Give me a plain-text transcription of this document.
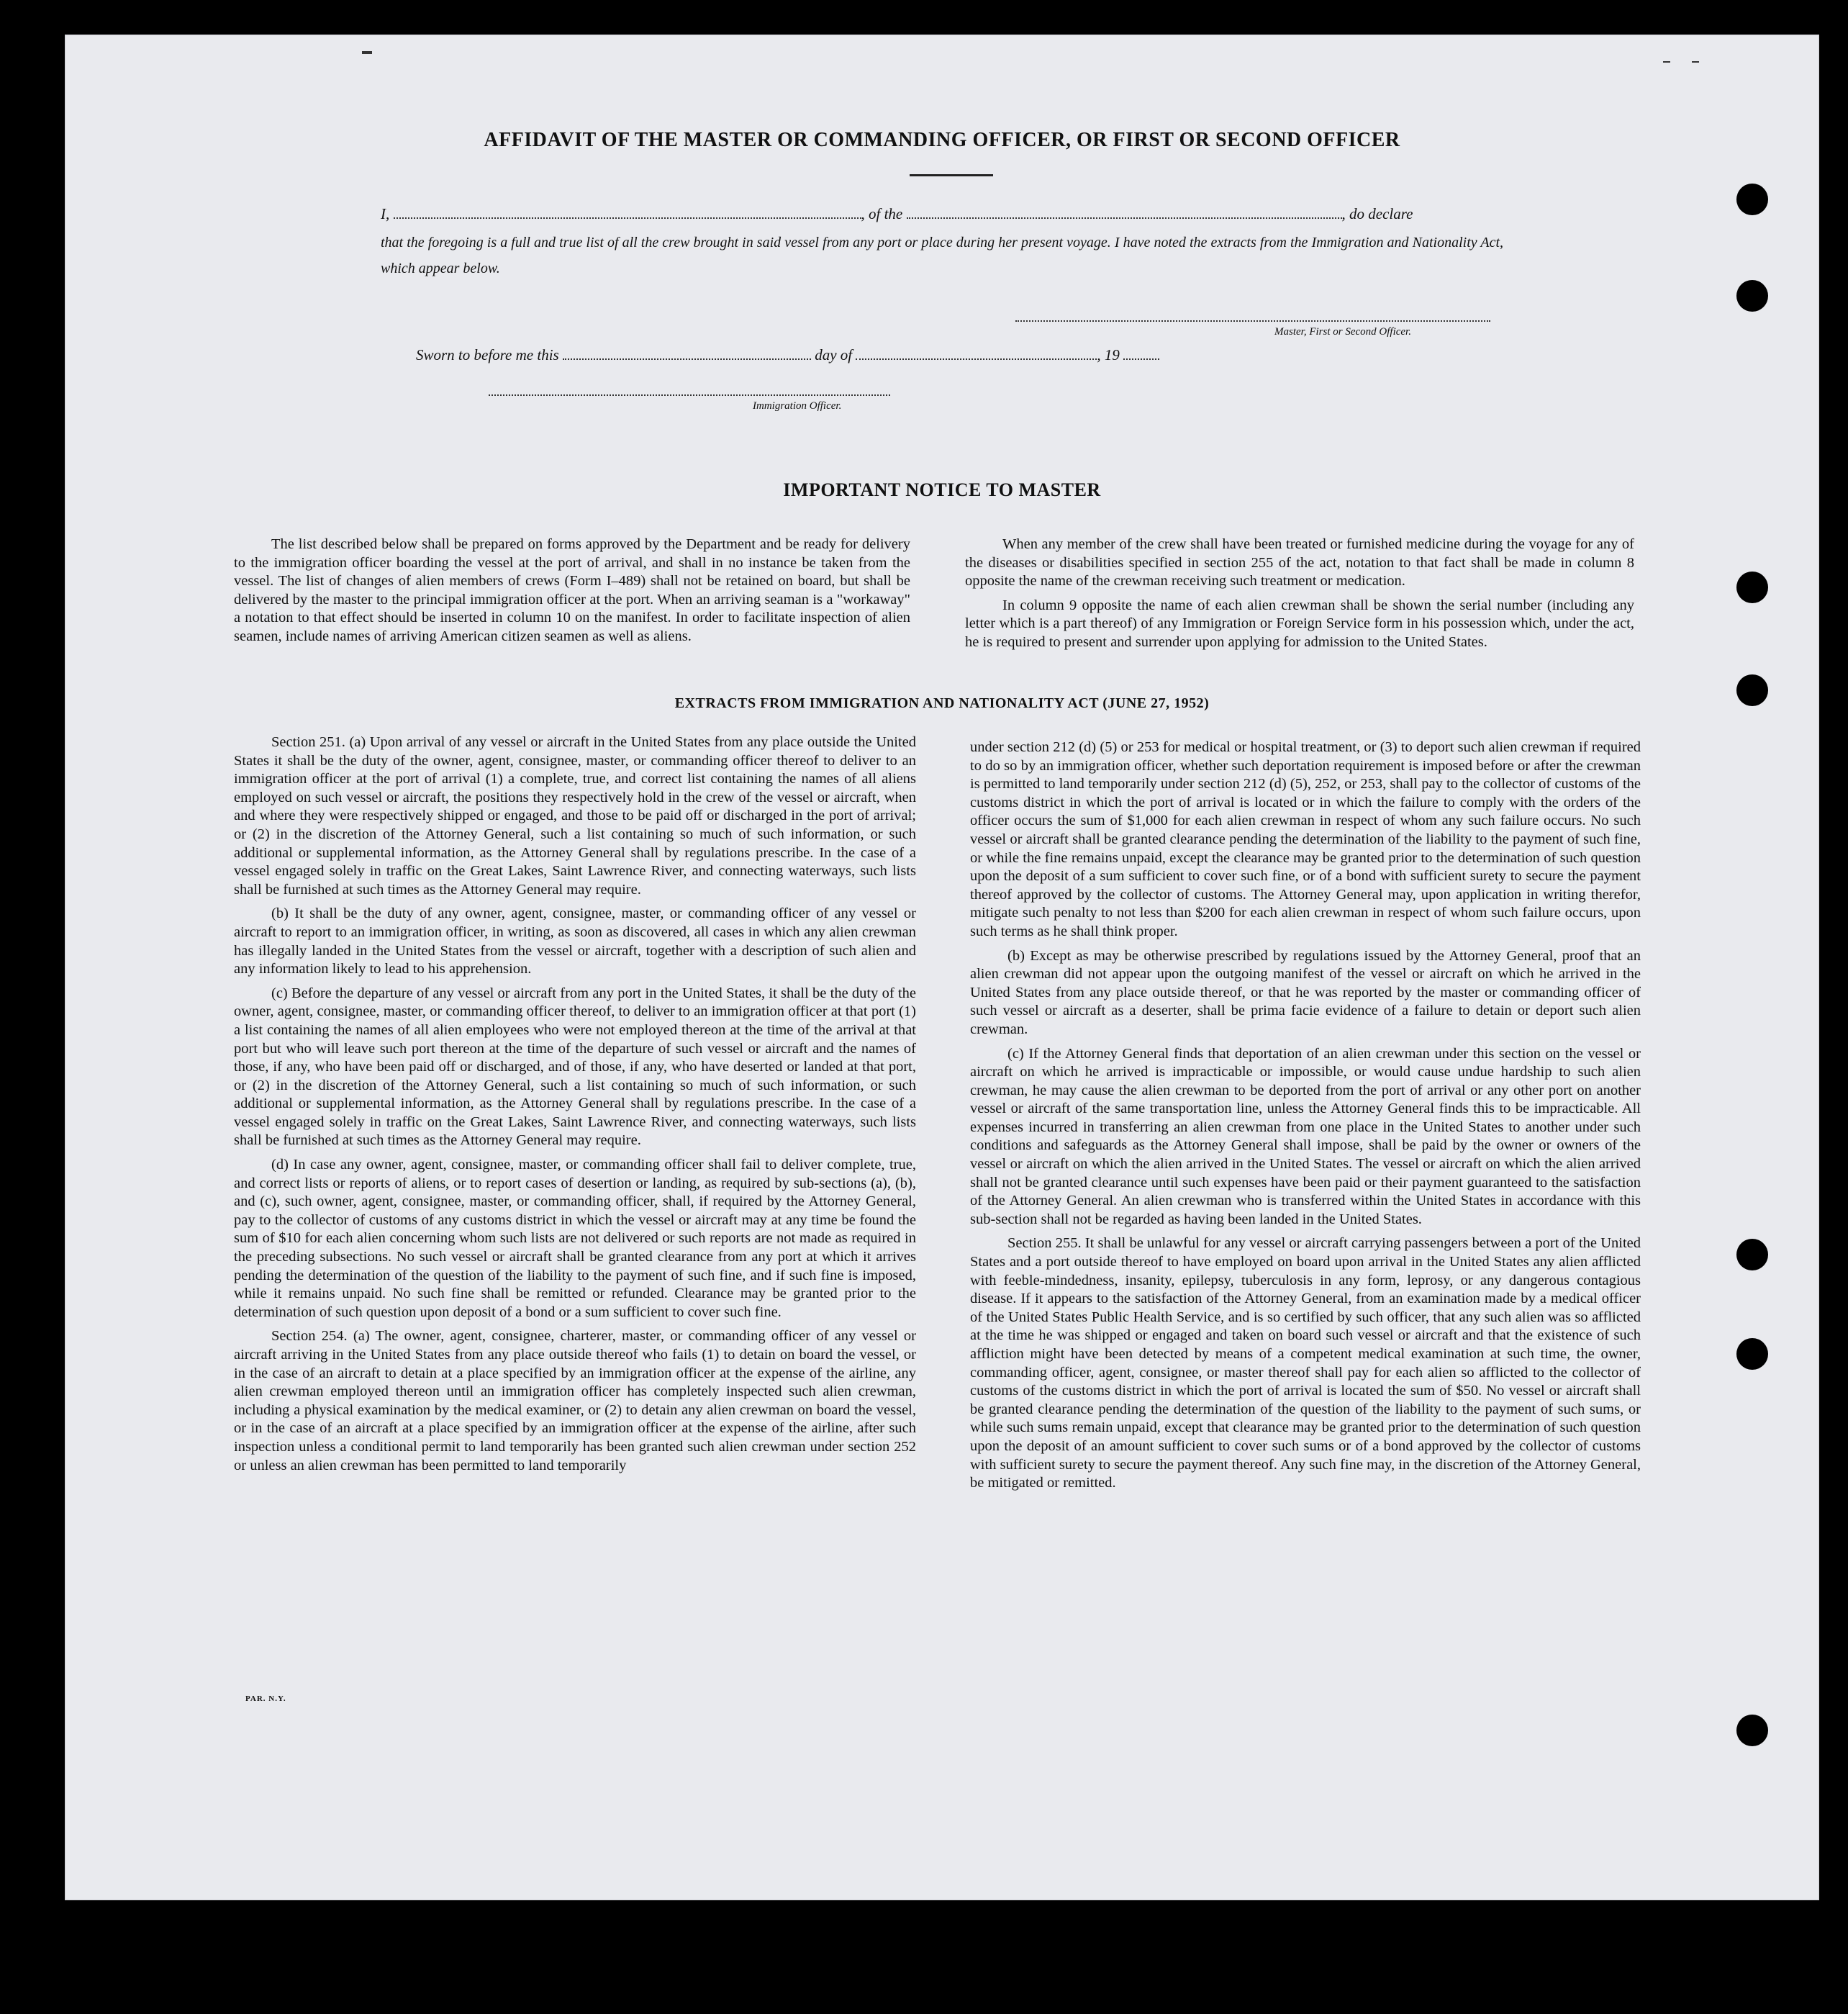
AFFIDAVIT OF THE MASTER OR COMMANDING OFFICER, OR FIRST OR SECOND OFFICER
I,	, of the	, do declare
that the foregoing is a full and true list of all the crew brought in said vessel from any port or place during her present voyage. I have noted the extracts from the Immigration and Nationality Act, which appear below.
Master, First or Second Officer.
Sworn to before me this	day of	, 19
Immigration Officer.
IMPORTANT NOTICE TO MASTER

The list described below shall be prepared on forms approved by the Department and be ready for delivery to the immigration officer boarding the vessel at the port of arrival, and shall in no instance be taken from the vessel. The list of changes of alien members of crews (Form I–489) shall not be retained on board, but shall be delivered by the master to the principal immigration officer at the port. When an arriving seaman is a "workaway" a notation to that effect should be inserted in column 10 on the manifest. In order to facilitate inspection of alien seamen, include names of arriving American citizen seamen as well as aliens.

When any member of the crew shall have been treated or furnished medicine during the voyage for any of the diseases or disabilities specified in section 255 of the act, notation to that fact shall be made in column 8 opposite the name of the crewman receiving such treatment or medication.

In column 9 opposite the name of each alien crewman shall be shown the serial number (including any letter which is a part thereof) of any Immigration or Foreign Service form in his possession which, under the act, he is required to present and surrender upon applying for admission to the United States.

EXTRACTS FROM IMMIGRATION AND NATIONALITY ACT (JUNE 27, 1952)

Section 251. (a) Upon arrival of any vessel or aircraft in the United States from any place outside the United States it shall be the duty of the owner, agent, consignee, master, or commanding officer thereof to deliver to an immigration officer at the port of arrival (1) a complete, true, and correct list containing the names of all aliens employed on such vessel or aircraft, the positions they respectively hold in the crew of the vessel or aircraft, when and where they were respectively shipped or engaged, and those to be paid off or discharged in the port of arrival; or (2) in the discretion of the Attorney General, such a list containing so much of such information, or such additional or supplemental information, as the Attorney General shall by regulations prescribe. In the case of a vessel engaged solely in traffic on the Great Lakes, Saint Lawrence River, and connecting waterways, such lists shall be furnished at such times as the Attorney General may require.

(b) It shall be the duty of any owner, agent, consignee, master, or commanding officer of any vessel or aircraft to report to an immigration officer, in writing, as soon as discovered, all cases in which any alien crewman has illegally landed in the United States from the vessel or aircraft, together with a description of such alien and any information likely to lead to his apprehension.

(c) Before the departure of any vessel or aircraft from any port in the United States, it shall be the duty of the owner, agent, consignee, master, or commanding officer thereof, to deliver to an immigration officer at that port (1) a list containing the names of all alien employees who were not employed thereon at the time of the arrival at that port but who will leave such port thereon at the time of the departure of such vessel or aircraft and the names of those, if any, who have been paid off or discharged, and of those, if any, who have deserted or landed at that port, or (2) in the discretion of the Attorney General, such a list containing so much of such information, or such additional or supplemental information, as the Attorney General shall by regulations prescribe. In the case of a vessel engaged solely in traffic on the Great Lakes, Saint Lawrence River, and connecting waterways, such lists shall be furnished at such times as the Attorney General may require.

(d) In case any owner, agent, consignee, master, or commanding officer shall fail to deliver complete, true, and correct lists or reports of aliens, or to report cases of desertion or landing, as required by sub-sections (a), (b), and (c), such owner, agent, consignee, master, or commanding officer, shall, if required by the Attorney General, pay to the collector of customs of any customs district in which the vessel or aircraft may at any time be found the sum of $10 for each alien concerning whom such lists are not delivered or such reports are not made as required in the preceding subsections. No such vessel or aircraft shall be granted clearance from any port at which it arrives pending the determination of the question of the liability to the payment of such fine, and if such fine is imposed, while it remains unpaid. No such fine shall be remitted or refunded. Clearance may be granted prior to the determination of such question upon deposit of a bond or a sum sufficient to cover such fine.

Section 254. (a) The owner, agent, consignee, charterer, master, or commanding officer of any vessel or aircraft arriving in the United States from any place outside thereof who fails (1) to detain on board the vessel, or in the case of an aircraft to detain at a place specified by an immigration officer at the expense of the airline, any alien crewman employed thereon until an immigration officer has completely inspected such alien crewman, including a physical examination by the medical examiner, or (2) to detain any alien crewman on board the vessel, or in the case of an aircraft at a place specified by an immigration officer at the expense of the airline, after such inspection unless a conditional permit to land temporarily has been granted such alien crewman under section 252 or unless an alien crewman has been permitted to land temporarily

under section 212 (d) (5) or 253 for medical or hospital treatment, or (3) to deport such alien crewman if required to do so by an immigration officer, whether such deportation requirement is imposed before or after the crewman is permitted to land temporarily under section 212 (d) (5), 252, or 253, shall pay to the collector of customs of the customs district in which the port of arrival is located or in which the failure to comply with the orders of the officer occurs the sum of $1,000 for each alien crewman in respect of whom any such failure occurs. No such vessel or aircraft shall be granted clearance pending the determination of the liability to the payment of such fine, or while the fine remains unpaid, except the clearance may be granted prior to the determination of such question upon the deposit of a sum sufficient to cover such fine, or of a bond with sufficient surety to secure the payment thereof approved by the collector of customs. The Attorney General may, upon application in writing therefor, mitigate such penalty to not less than $200 for each alien crewman in respect of whom such failure occurs, upon such terms as he shall think proper.

(b) Except as may be otherwise prescribed by regulations issued by the Attorney General, proof that an alien crewman did not appear upon the outgoing manifest of the vessel or aircraft on which he arrived in the United States from any place outside thereof, or that he was reported by the master or commanding officer of such vessel or aircraft as a deserter, shall be prima facie evidence of a failure to detain or deport such alien crewman.

(c) If the Attorney General finds that deportation of an alien crewman under this section on the vessel or aircraft on which he arrived is impracticable or impossible, or would cause undue hardship to such alien crewman, he may cause the alien crewman to be deported from the port of arrival or any other port on another vessel or aircraft of the same transportation line, unless the Attorney General finds this to be impracticable. All expenses incurred in transferring an alien crewman from one place in the United States to another under such conditions and safeguards as the Attorney General shall impose, shall be paid by the owner or owners of the vessel or aircraft on which the alien arrived in the United States. The vessel or aircraft on which the alien arrived shall not be granted clearance until such expenses have been paid or their payment guaranteed to the satisfaction of the Attorney General. An alien crewman who is transferred within the United States in accordance with this sub-section shall not be regarded as having been landed in the United States.

Section 255. It shall be unlawful for any vessel or aircraft carrying passengers between a port of the United States and a port outside thereof to have employed on board upon arrival in the United States any alien afflicted with feeble-mindedness, insanity, epilepsy, tuberculosis in any form, leprosy, or any dangerous contagious disease. If it appears to the satisfaction of the Attorney General, from an examination made by a medical officer of the United States Public Health Service, and is so certified by such officer, that any such alien was so afflicted at the time he was shipped or engaged and taken on board such vessel or aircraft and that the existence of such affliction might have been detected by means of a competent medical examination at such time, the owner, commanding officer, agent, consignee, or master thereof shall pay for each alien so afflicted to the collector of customs of the customs district in which the port of arrival is located the sum of $50. No vessel or aircraft shall be granted clearance pending the determination of the question of the liability to the payment of such sums, or while such sums remain unpaid, except that clearance may be granted prior to the determination of such question upon the deposit of an amount sufficient to cover such sums or of a bond approved by the collector of customs with sufficient surety to secure the payment thereof. Any such fine may, in the discretion of the Attorney General, be mitigated or remitted.

PAR. N.Y.
